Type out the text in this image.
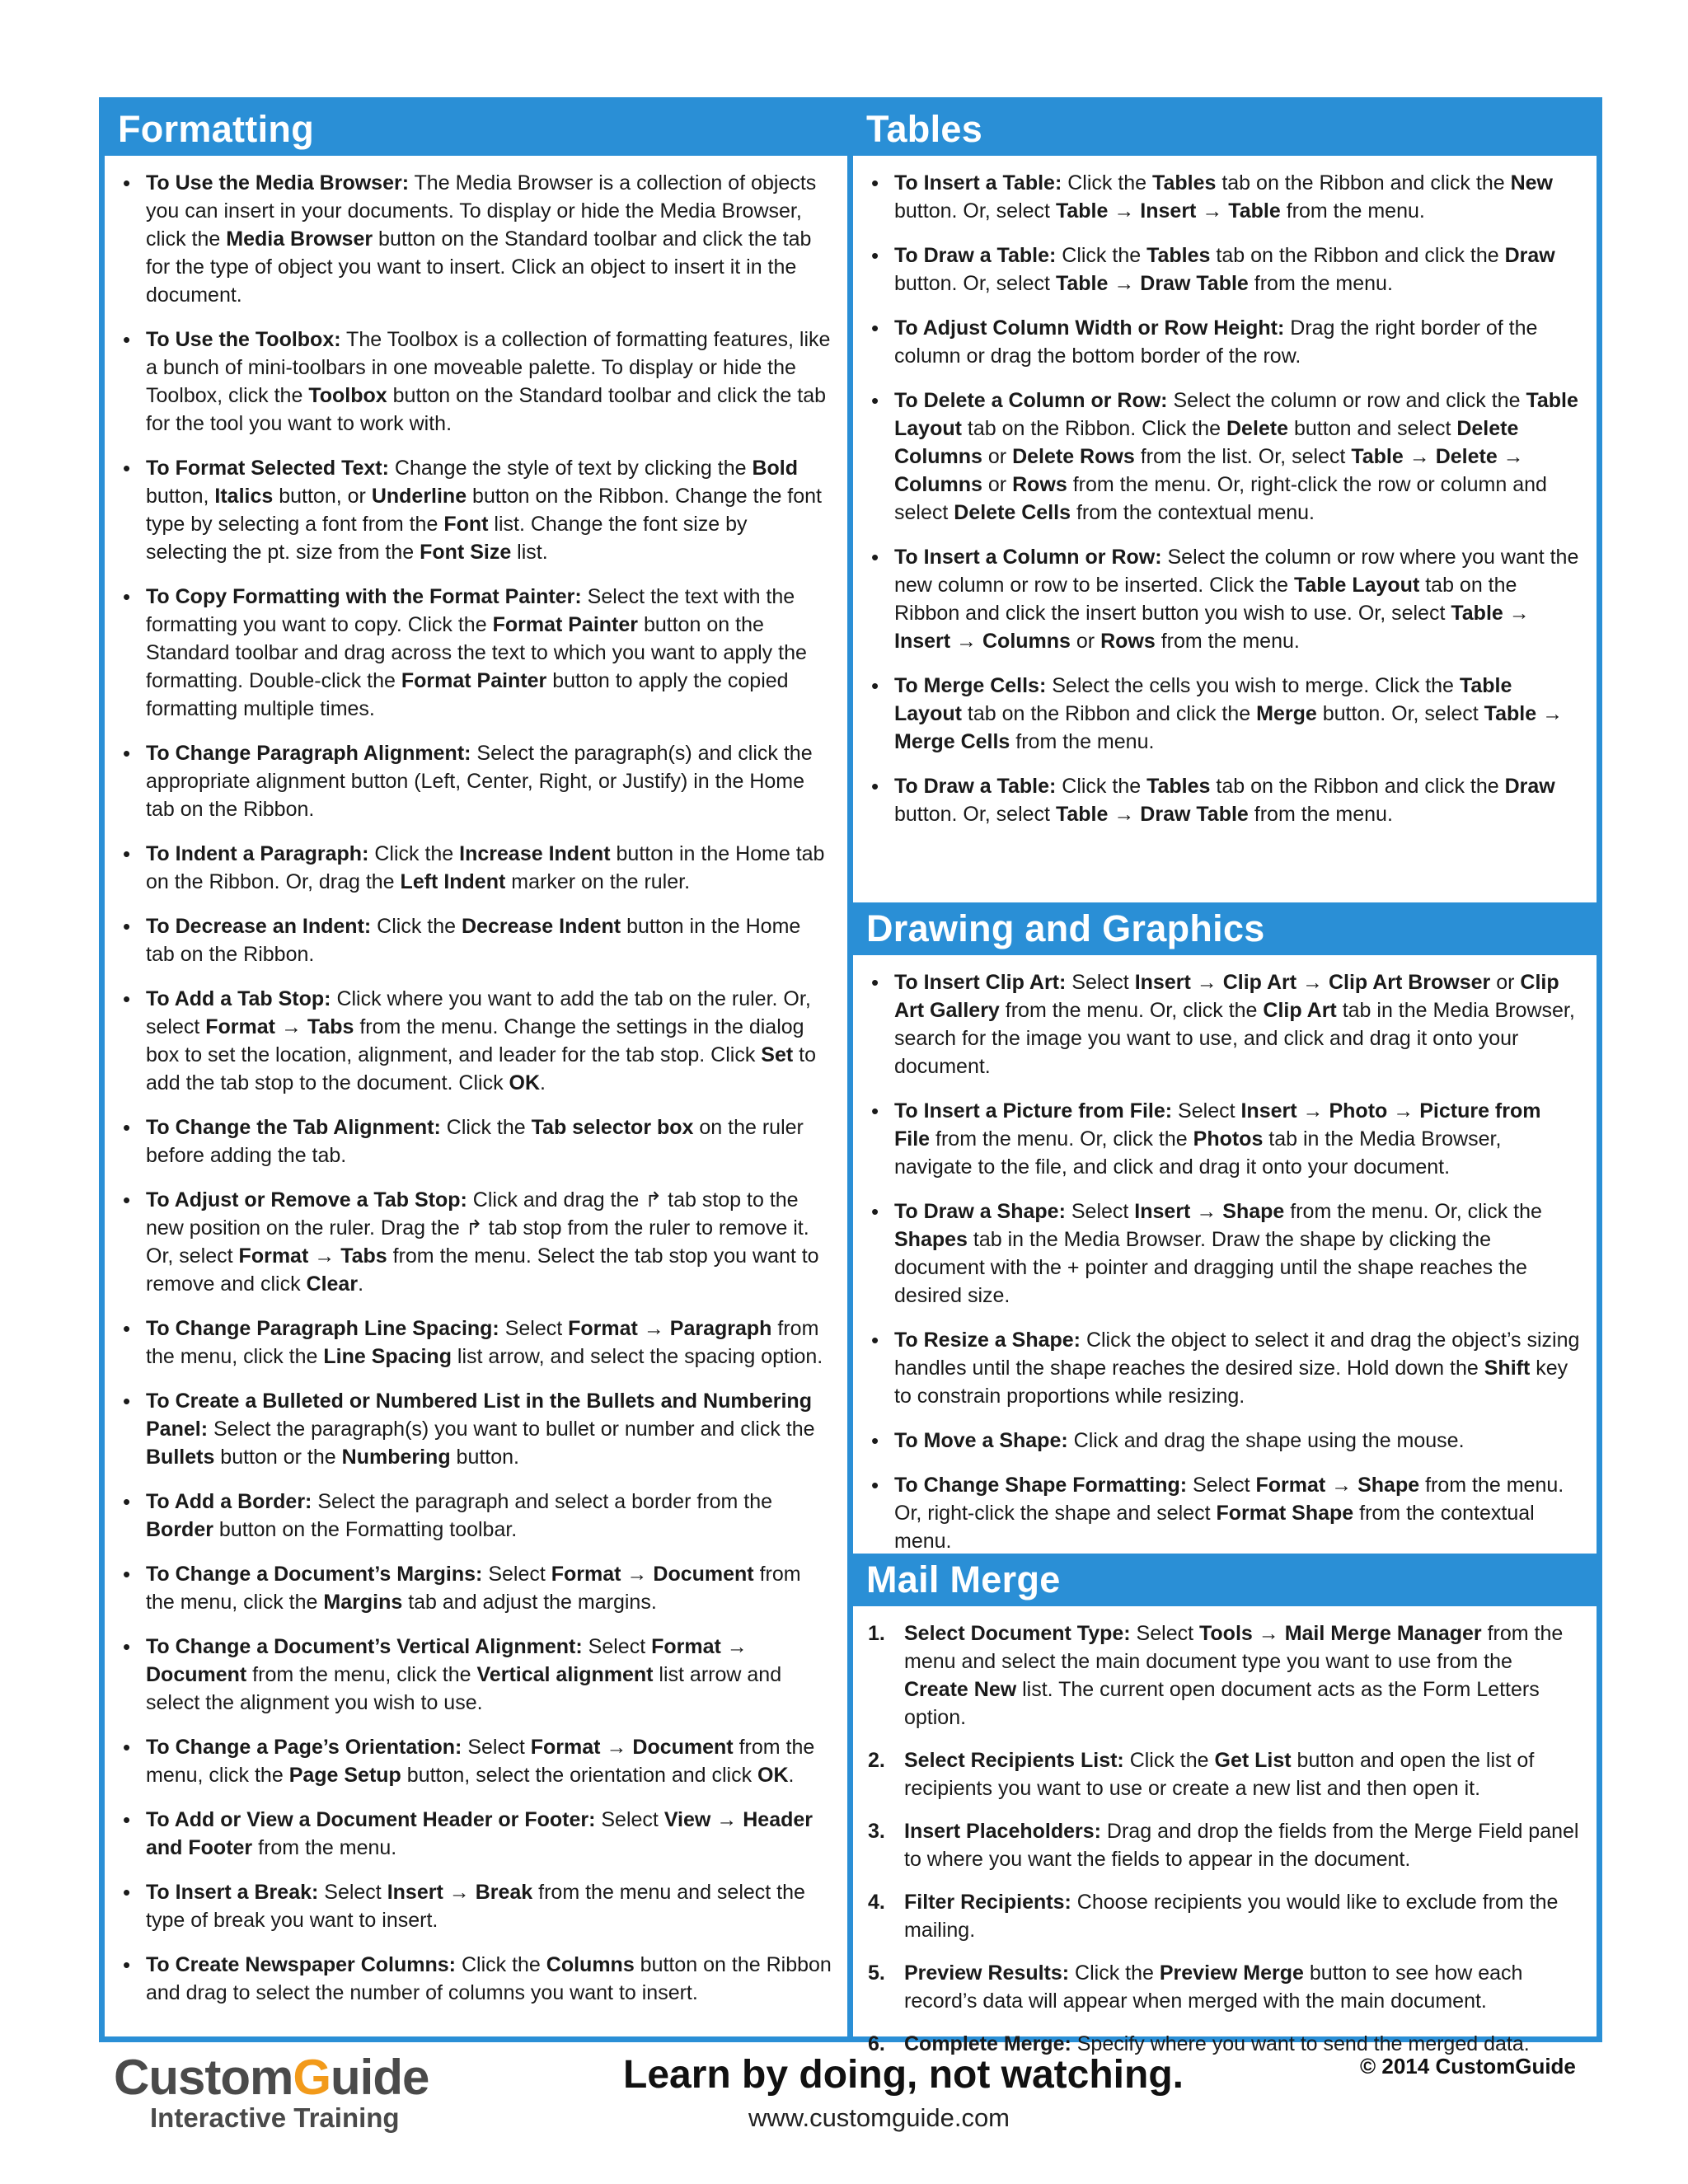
Formatting
• To Use the Media Browser: The Media Browser is a collection of objects you can insert in your documents. To display or hide the Media Browser, click the Media Browser button on the Standard toolbar and click the tab for the type of object you want to insert. Click an object to insert it in the document.
• To Use the Toolbox: The Toolbox is a collection of formatting features, like a bunch of mini-toolbars in one moveable palette. To display or hide the Toolbox, click the Toolbox button on the Standard toolbar and click the tab for the tool you want to work with.
• To Format Selected Text: Change the style of text by clicking the Bold button, Italics button, or Underline button on the Ribbon. Change the font type by selecting a font from the Font list. Change the font size by selecting the pt. size from the Font Size list.
• To Copy Formatting with the Format Painter: Select the text with the formatting you want to copy. Click the Format Painter button on the Standard toolbar and drag across the text to which you want to apply the formatting. Double-click the Format Painter button to apply the copied formatting multiple times.
• To Change Paragraph Alignment: Select the paragraph(s) and click the appropriate alignment button (Left, Center, Right, or Justify) in the Home tab on the Ribbon.
• To Indent a Paragraph: Click the Increase Indent button in the Home tab on the Ribbon. Or, drag the Left Indent marker on the ruler.
• To Decrease an Indent: Click the Decrease Indent button in the Home tab on the Ribbon.
• To Add a Tab Stop: Click where you want to add the tab on the ruler. Or, select Format → Tabs from the menu. Change the settings in the dialog box to set the location, alignment, and leader for the tab stop. Click Set to add the tab stop to the document. Click OK.
• To Change the Tab Alignment: Click the Tab selector box on the ruler before adding the tab.
• To Adjust or Remove a Tab Stop: Click and drag the ↱ tab stop to the new position on the ruler. Drag the ↱ tab stop from the ruler to remove it. Or, select Format → Tabs from the menu. Select the tab stop you want to remove and click Clear.
• To Change Paragraph Line Spacing: Select Format → Paragraph from the menu, click the Line Spacing list arrow, and select the spacing option.
• To Create a Bulleted or Numbered List in the Bullets and Numbering Panel: Select the paragraph(s) you want to bullet or number and click the Bullets button or the Numbering button.
• To Add a Border: Select the paragraph and select a border from the Border button on the Formatting toolbar.
• To Change a Document’s Margins: Select Format → Document from the menu, click the Margins tab and adjust the margins.
• To Change a Document’s Vertical Alignment: Select Format → Document from the menu, click the Vertical alignment list arrow and select the alignment you wish to use.
• To Change a Page’s Orientation: Select Format → Document from the menu, click the Page Setup button, select the orientation and click OK.
• To Add or View a Document Header or Footer: Select View → Header and Footer from the menu.
• To Insert a Break: Select Insert → Break from the menu and select the type of break you want to insert.
• To Create Newspaper Columns: Click the Columns button on the Ribbon and drag to select the number of columns you want to insert.
Tables
• To Insert a Table: Click the Tables tab on the Ribbon and click the New button. Or, select Table → Insert → Table from the menu.
• To Draw a Table: Click the Tables tab on the Ribbon and click the Draw button. Or, select Table → Draw Table from the menu.
• To Adjust Column Width or Row Height: Drag the right border of the column or drag the bottom border of the row.
• To Delete a Column or Row: Select the column or row and click the Table Layout tab on the Ribbon. Click the Delete button and select Delete Columns or Delete Rows from the list. Or, select Table → Delete → Columns or Rows from the menu. Or, right-click the row or column and select Delete Cells from the contextual menu.
• To Insert a Column or Row: Select the column or row where you want the new column or row to be inserted. Click the Table Layout tab on the Ribbon and click the insert button you wish to use. Or, select Table → Insert → Columns or Rows from the menu.
• To Merge Cells: Select the cells you wish to merge. Click the Table Layout tab on the Ribbon and click the Merge button. Or, select Table → Merge Cells from the menu.
• To Draw a Table: Click the Tables tab on the Ribbon and click the Draw button. Or, select Table → Draw Table from the menu.
Drawing and Graphics
• To Insert Clip Art: Select Insert → Clip Art → Clip Art Browser or Clip Art Gallery from the menu. Or, click the Clip Art tab in the Media Browser, search for the image you want to use, and click and drag it onto your document.
• To Insert a Picture from File: Select Insert → Photo → Picture from File from the menu. Or, click the Photos tab in the Media Browser, navigate to the file, and click and drag it onto your document.
• To Draw a Shape: Select Insert → Shape from the menu. Or, click the Shapes tab in the Media Browser. Draw the shape by clicking the document with the + pointer and dragging until the shape reaches the desired size.
• To Resize a Shape: Click the object to select it and drag the object’s sizing handles until the shape reaches the desired size. Hold down the Shift key to constrain proportions while resizing.
• To Move a Shape: Click and drag the shape using the mouse.
• To Change Shape Formatting: Select Format → Shape from the menu. Or, right-click the shape and select Format Shape from the contextual menu.
Mail Merge
1. Select Document Type: Select Tools → Mail Merge Manager from the menu and select the main document type you want to use from the Create New list. The current open document acts as the Form Letters option.
2. Select Recipients List: Click the Get List button and open the list of recipients you want to use or create a new list and then open it.
3. Insert Placeholders: Drag and drop the fields from the Merge Field panel to where you want the fields to appear in the document.
4. Filter Recipients: Choose recipients you would like to exclude from the mailing.
5. Preview Results: Click the Preview Merge button to see how each record’s data will appear when merged with the main document.
6. Complete Merge: Specify where you want to send the merged data.
CustomGuide
Interactive Training
Learn by doing, not watching.
www.customguide.com
© 2014 CustomGuide
